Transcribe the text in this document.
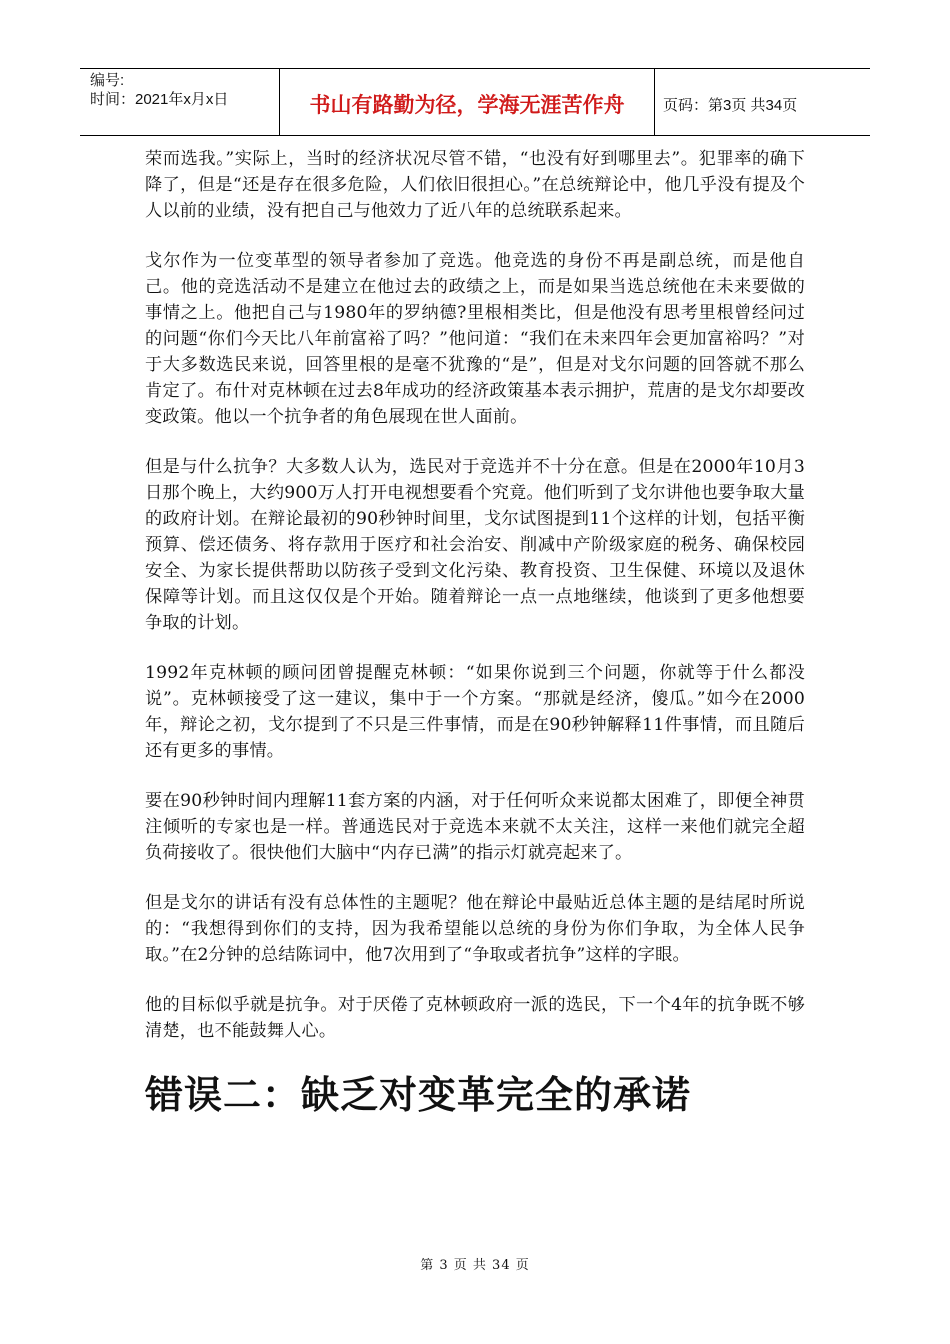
编号:
时间：2021年x月x日	书山有路勤为径，学海无涯苦作舟	页码：第3页 共34页

荣而选我。”实际上，当时的经济状况尽管不错，“也没有好到哪里去”。犯罪率的确下降了，但是“还是存在很多危险，人们依旧很担心。”在总统辩论中，他几乎没有提及个人以前的业绩，没有把自己与他效力了近八年的总统联系起来。

戈尔作为一位变革型的领导者参加了竞选。他竞选的身份不再是副总统，而是他自己。他的竞选活动不是建立在他过去的政绩之上，而是如果当选总统他在未来要做的事情之上。他把自己与1980年的罗纳德?里根相类比，但是他没有思考里根曾经问过的问题“你们今天比八年前富裕了吗？”他问道：“我们在未来四年会更加富裕吗？”对于大多数选民来说，回答里根的是毫不犹豫的“是”，但是对戈尔问题的回答就不那么肯定了。布什对克林顿在过去8年成功的经济政策基本表示拥护，荒唐的是戈尔却要改变政策。他以一个抗争者的角色展现在世人面前。

但是与什么抗争？大多数人认为，选民对于竞选并不十分在意。但是在2000年10月3日那个晚上，大约900万人打开电视想要看个究竟。他们听到了戈尔讲他也要争取大量的政府计划。在辩论最初的90秒钟时间里，戈尔试图提到11个这样的计划，包括平衡预算、偿还债务、将存款用于医疗和社会治安、削减中产阶级家庭的税务、确保校园安全、为家长提供帮助以防孩子受到文化污染、教育投资、卫生保健、环境以及退休保障等计划。而且这仅仅是个开始。随着辩论一点一点地继续，他谈到了更多他想要争取的计划。

1992年克林顿的顾问团曾提醒克林顿：“如果你说到三个问题，你就等于什么都没说”。克林顿接受了这一建议，集中于一个方案。“那就是经济，傻瓜。”如今在2000年，辩论之初，戈尔提到了不只是三件事情，而是在90秒钟解释11件事情，而且随后还有更多的事情。

要在90秒钟时间内理解11套方案的内涵，对于任何听众来说都太困难了，即便全神贯注倾听的专家也是一样。普通选民对于竞选本来就不太关注，这样一来他们就完全超负荷接收了。很快他们大脑中“内存已满”的指示灯就亮起来了。

但是戈尔的讲话有没有总体性的主题呢？他在辩论中最贴近总体主题的是结尾时所说的：“我想得到你们的支持，因为我希望能以总统的身份为你们争取，为全体人民争取。”在2分钟的总结陈词中，他7次用到了“争取或者抗争”这样的字眼。

他的目标似乎就是抗争。对于厌倦了克林顿政府一派的选民，下一个4年的抗争既不够清楚，也不能鼓舞人心。

错误二：缺乏对变革完全的承诺
第 3 页 共 34 页
